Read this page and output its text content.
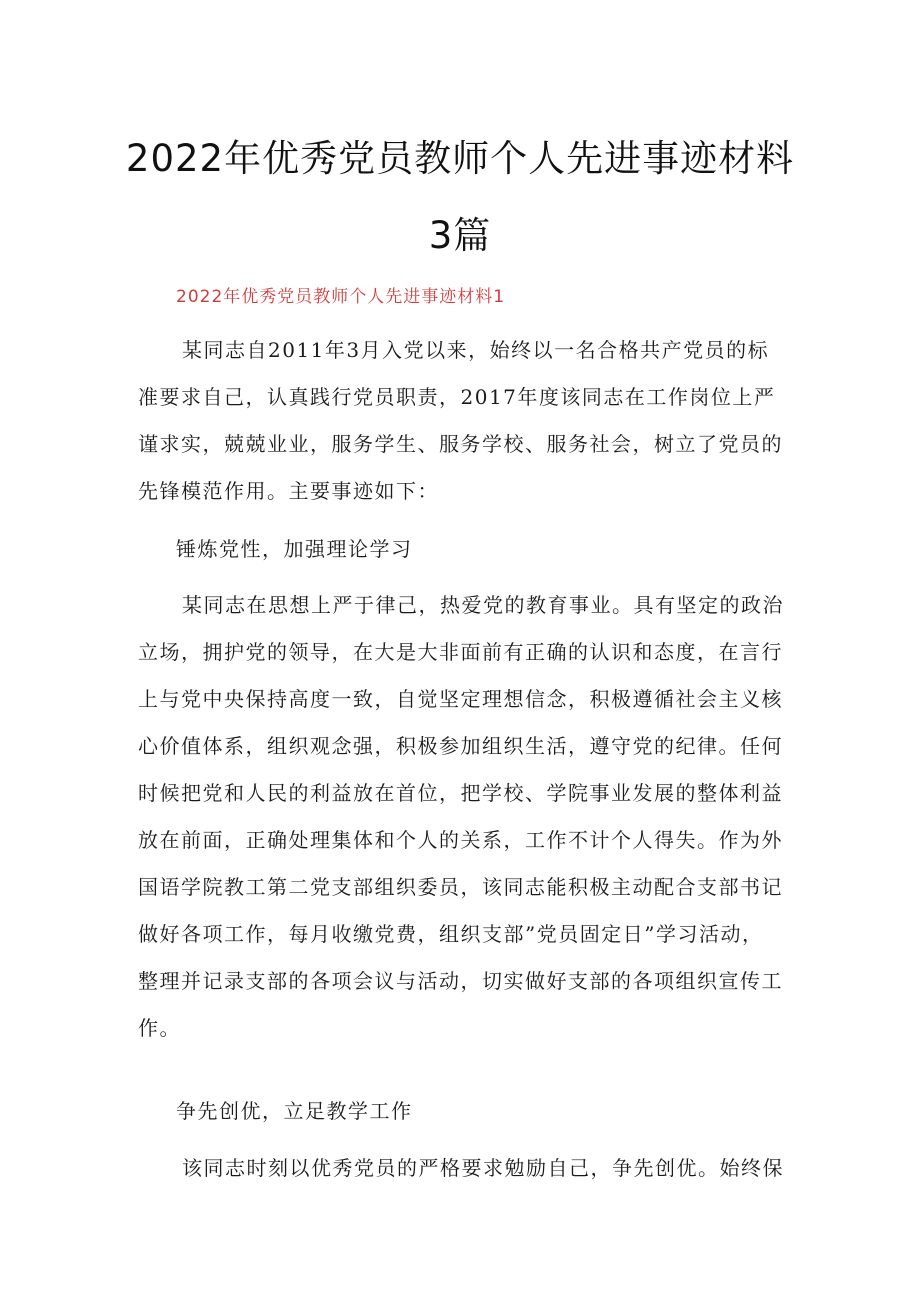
2022年优秀党员教师个人先进事迹材料
3篇
2022年优秀党员教师个人先进事迹材料1
某同志自2011年3月入党以来，始终以一名合格共产党员的标
准要求自己，认真践行党员职责，2017年度该同志在工作岗位上严
谨求实，兢兢业业，服务学生、服务学校、服务社会，树立了党员的
先锋模范作用。主要事迹如下：
锤炼党性，加强理论学习
某同志在思想上严于律己，热爱党的教育事业。具有坚定的政治
立场，拥护党的领导，在大是大非面前有正确的认识和态度，在言行
上与党中央保持高度一致，自觉坚定理想信念，积极遵循社会主义核
心价值体系，组织观念强，积极参加组织生活，遵守党的纪律。任何
时候把党和人民的利益放在首位，把学校、学院事业发展的整体利益
放在前面，正确处理集体和个人的关系，工作不计个人得失。作为外
国语学院教工第二党支部组织委员，该同志能积极主动配合支部书记
做好各项工作，每月收缴党费，组织支部”党员固定日”学习活动，
整理并记录支部的各项会议与活动，切实做好支部的各项组织宣传工
作。
争先创优，立足教学工作
该同志时刻以优秀党员的严格要求勉励自己，争先创优。始终保
